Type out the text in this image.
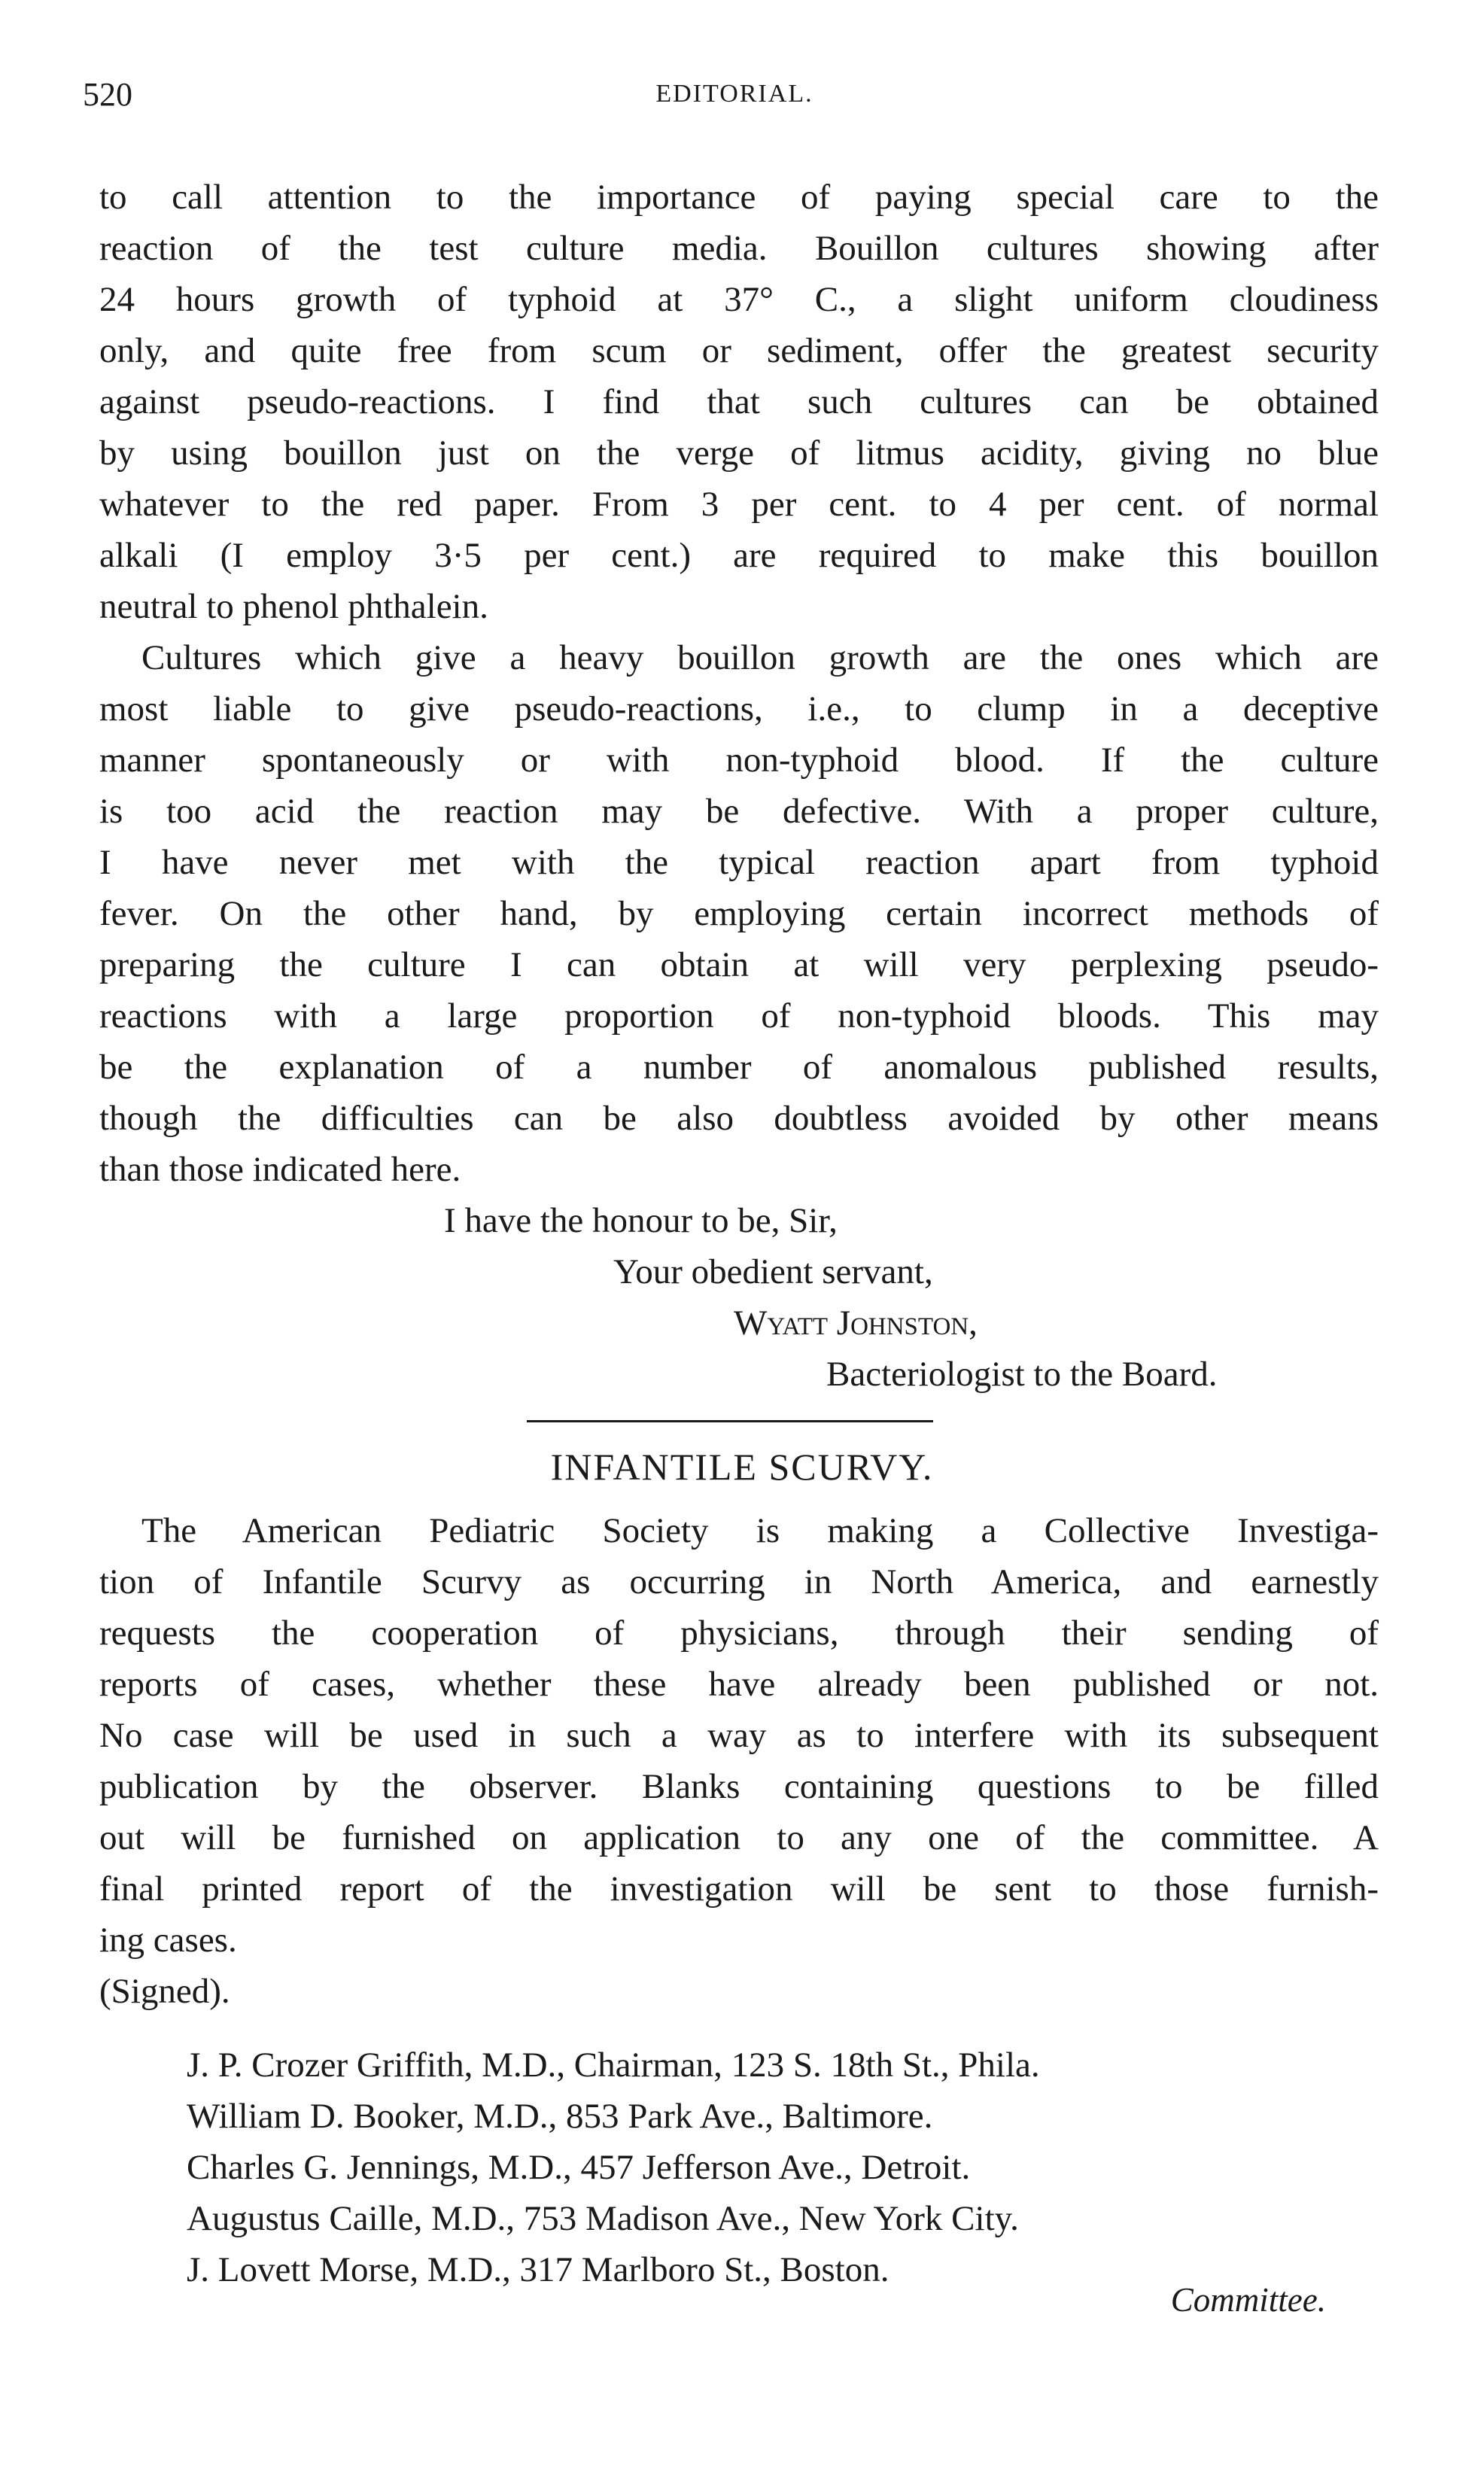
520	EDITORIAL.
to call attention to the importance of paying special care to the
reaction of the test culture media. Bouillon cultures showing after
24 hours growth of typhoid at 37° C., a slight uniform cloudiness
only, and quite free from scum or sediment, offer the greatest security
against pseudo-reactions. I find that such cultures can be obtained
by using bouillon just on the verge of litmus acidity, giving no blue
whatever to the red paper. From 3 per cent. to 4 per cent. of normal
alkali (I employ 3·5 per cent.) are required to make this bouillon
neutral to phenol phthalein.
Cultures which give a heavy bouillon growth are the ones which are
most liable to give pseudo-reactions, i.e., to clump in a deceptive
manner spontaneously or with non-typhoid blood. If the culture
is too acid the reaction may be defective. With a proper culture,
I have never met with the typical reaction apart from typhoid
fever. On the other hand, by employing certain incorrect methods of
preparing the culture I can obtain at will very perplexing pseudo-
reactions with a large proportion of non-typhoid bloods. This may
be the explanation of a number of anomalous published results,
though the difficulties can be also doubtless avoided by other means
than those indicated here.
I have the honour to be, Sir,
Your obedient servant,
Wyatt Johnston,
Bacteriologist to the Board.
INFANTILE SCURVY.
The American Pediatric Society is making a Collective Investiga-
tion of Infantile Scurvy as occurring in North America, and earnestly
requests the cooperation of physicians, through their sending of
reports of cases, whether these have already been published or not.
No case will be used in such a way as to interfere with its subsequent
publication by the observer. Blanks containing questions to be filled
out will be furnished on application to any one of the committee. A
final printed report of the investigation will be sent to those furnish-
ing cases.
(Signed).
J. P. Crozer Griffith, M.D., Chairman, 123 S. 18th St., Phila.
William D. Booker, M.D., 853 Park Ave., Baltimore.
Charles G. Jennings, M.D., 457 Jefferson Ave., Detroit.
Augustus Caille, M.D., 753 Madison Ave., New York City.
J. Lovett Morse, M.D., 317 Marlboro St., Boston.
Committee.
